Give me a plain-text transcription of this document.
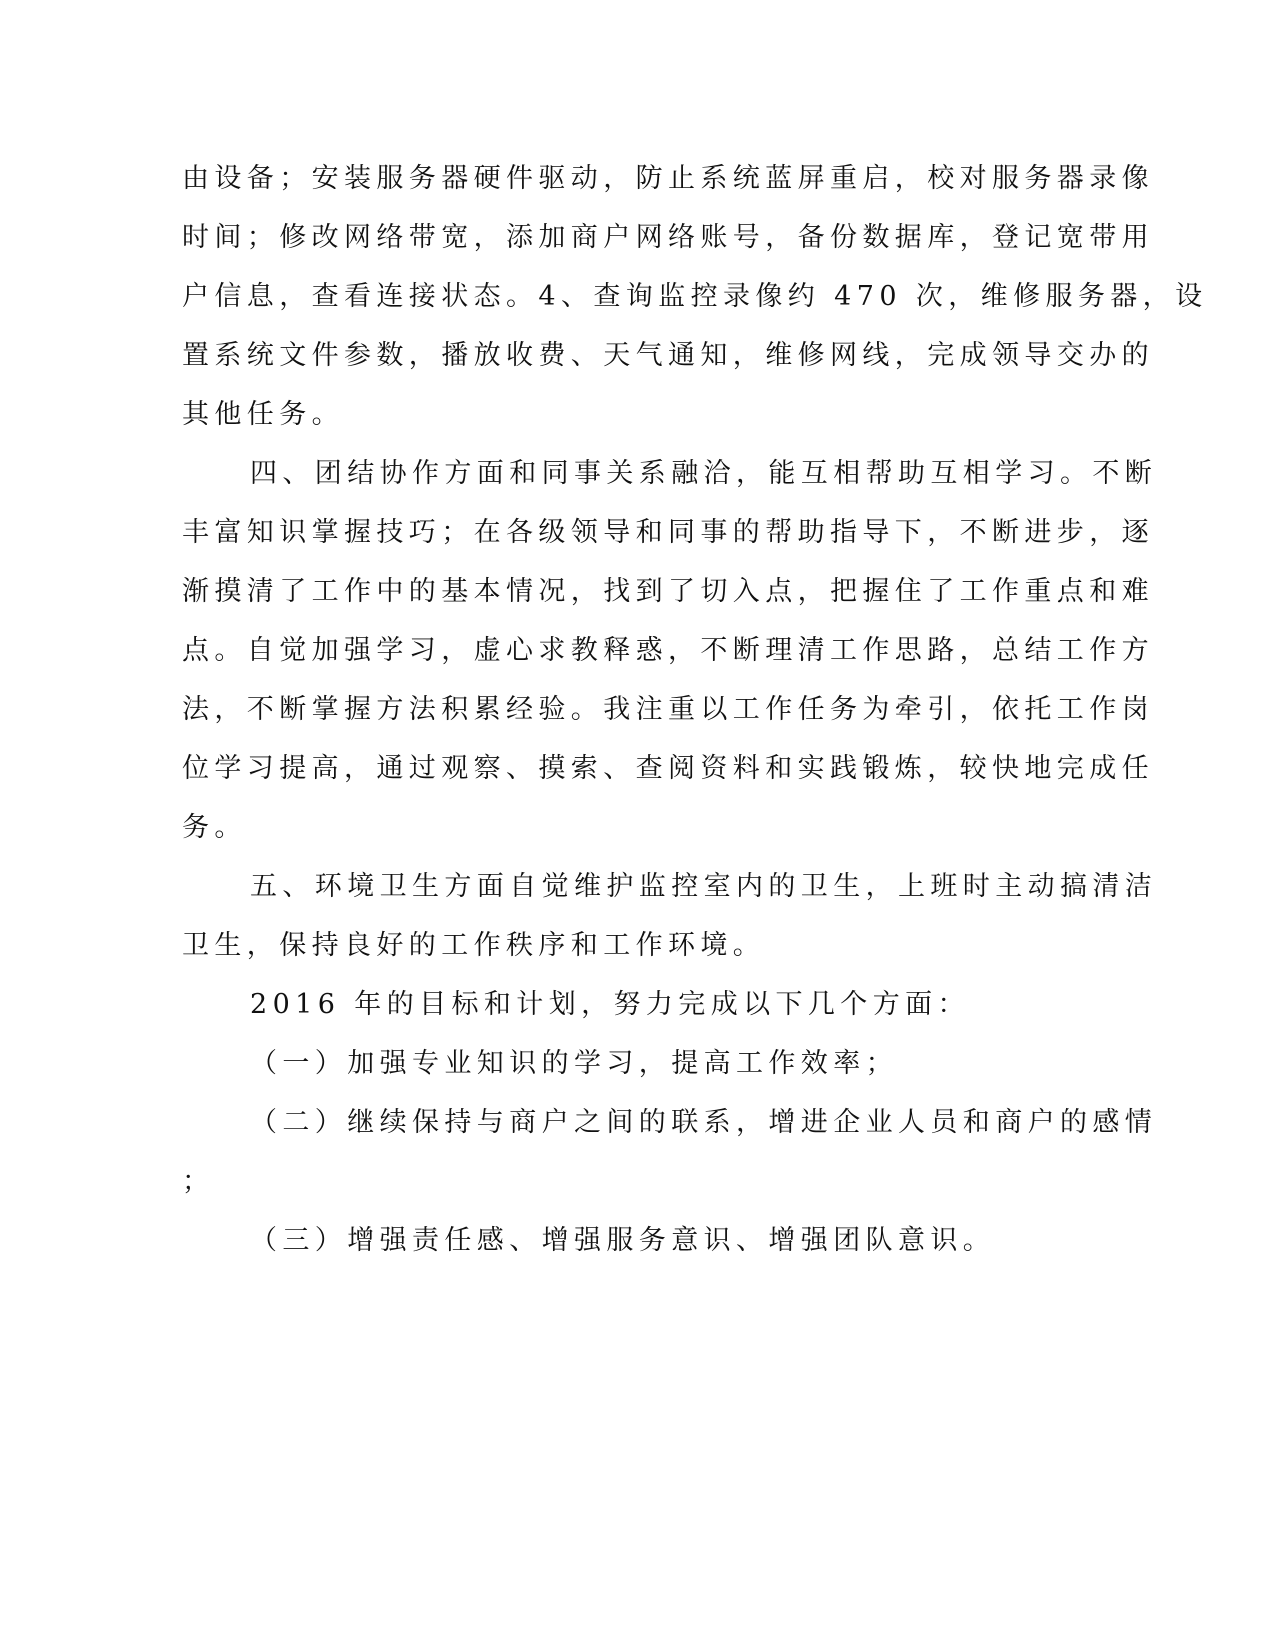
由设备；安装服务器硬件驱动，防止系统蓝屏重启，校对服务器录像
时间；修改网络带宽，添加商户网络账号，备份数据库，登记宽带用
户信息，查看连接状态。4、查询监控录像约 470 次，维修服务器，设
置系统文件参数，播放收费、天气通知，维修网线，完成领导交办的
其他任务。
四、团结协作方面和同事关系融洽，能互相帮助互相学习。不断
丰富知识掌握技巧；在各级领导和同事的帮助指导下，不断进步，逐
渐摸清了工作中的基本情况，找到了切入点，把握住了工作重点和难
点。自觉加强学习，虚心求教释惑，不断理清工作思路，总结工作方
法，不断掌握方法积累经验。我注重以工作任务为牵引，依托工作岗
位学习提高，通过观察、摸索、查阅资料和实践锻炼，较快地完成任
务。
五、环境卫生方面自觉维护监控室内的卫生，上班时主动搞清洁
卫生，保持良好的工作秩序和工作环境。
2016 年的目标和计划，努力完成以下几个方面：
（一）加强专业知识的学习，提高工作效率；
（二）继续保持与商户之间的联系，增进企业人员和商户的感情
；
（三）增强责任感、增强服务意识、增强团队意识。
